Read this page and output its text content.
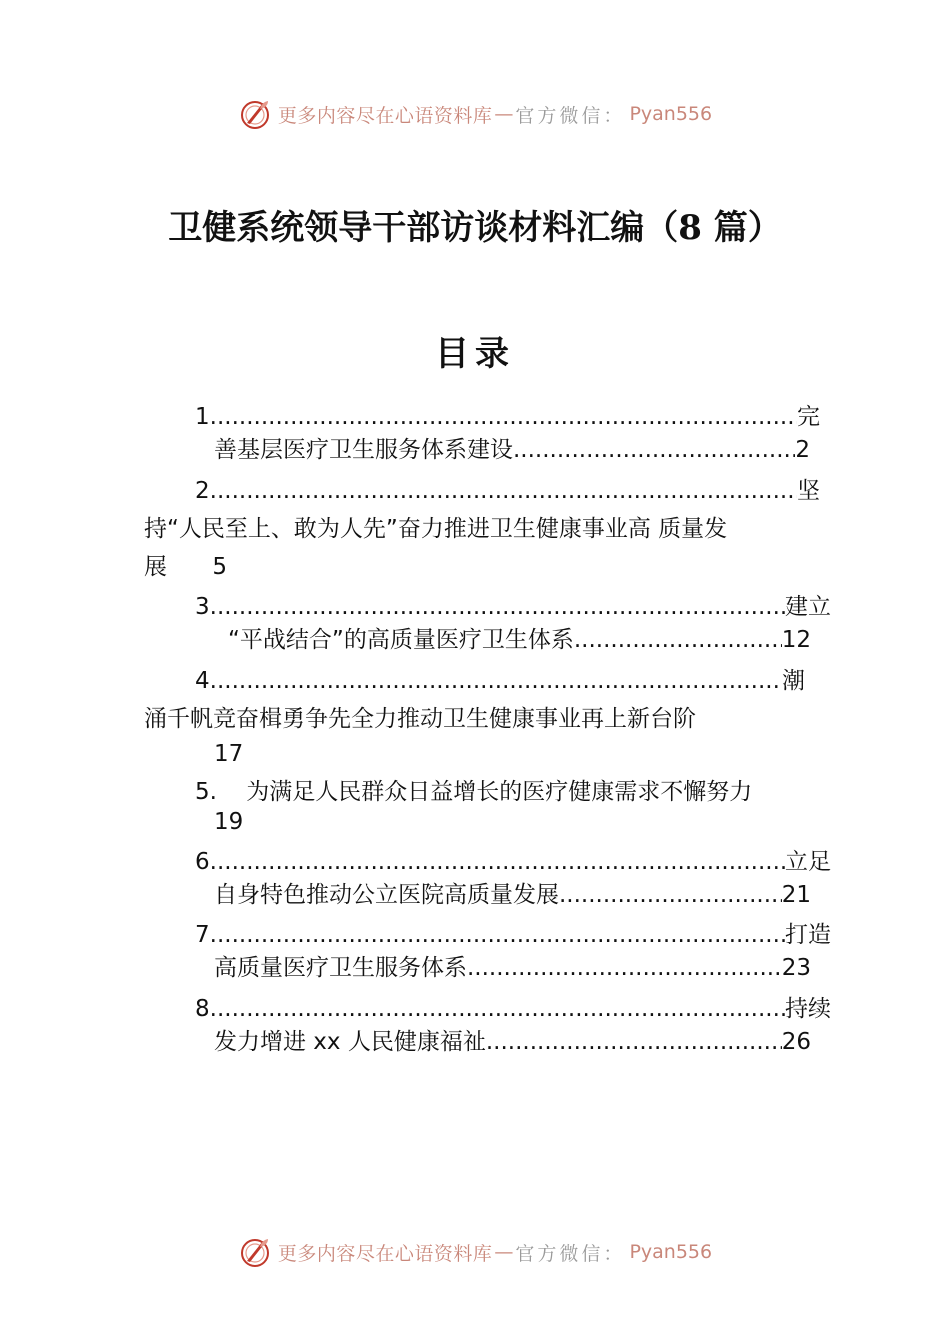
更多内容尽在心语资料库 — 官方微信： Pyan556
卫健系统领导干部访谈材料汇编（8 篇）
目录
1. .....	完
善基层医疗卫生服务体系建设 .....	2
2. .....	坚
持“人民至上、敢为人先”奋力推进卫生健康事业高 质量发
展 5
3. .....	建立
“平战结合”的高质量医疗卫生体系 .....	12
4. .....	潮
涌千帆竞奋楫勇争先全力推动卫生健康事业再上新台阶
17
5. 为满足人民群众日益增长的医疗健康需求不懈努力
19
6. .....	立足
自身特色推动公立医院高质量发展 .....	21
7. .....	打造
高质量医疗卫生服务体系 .....	23
8. .....	持续
发力增进 xx 人民健康福祉 .....	26
更多内容尽在心语资料库 — 官方微信： Pyan556
